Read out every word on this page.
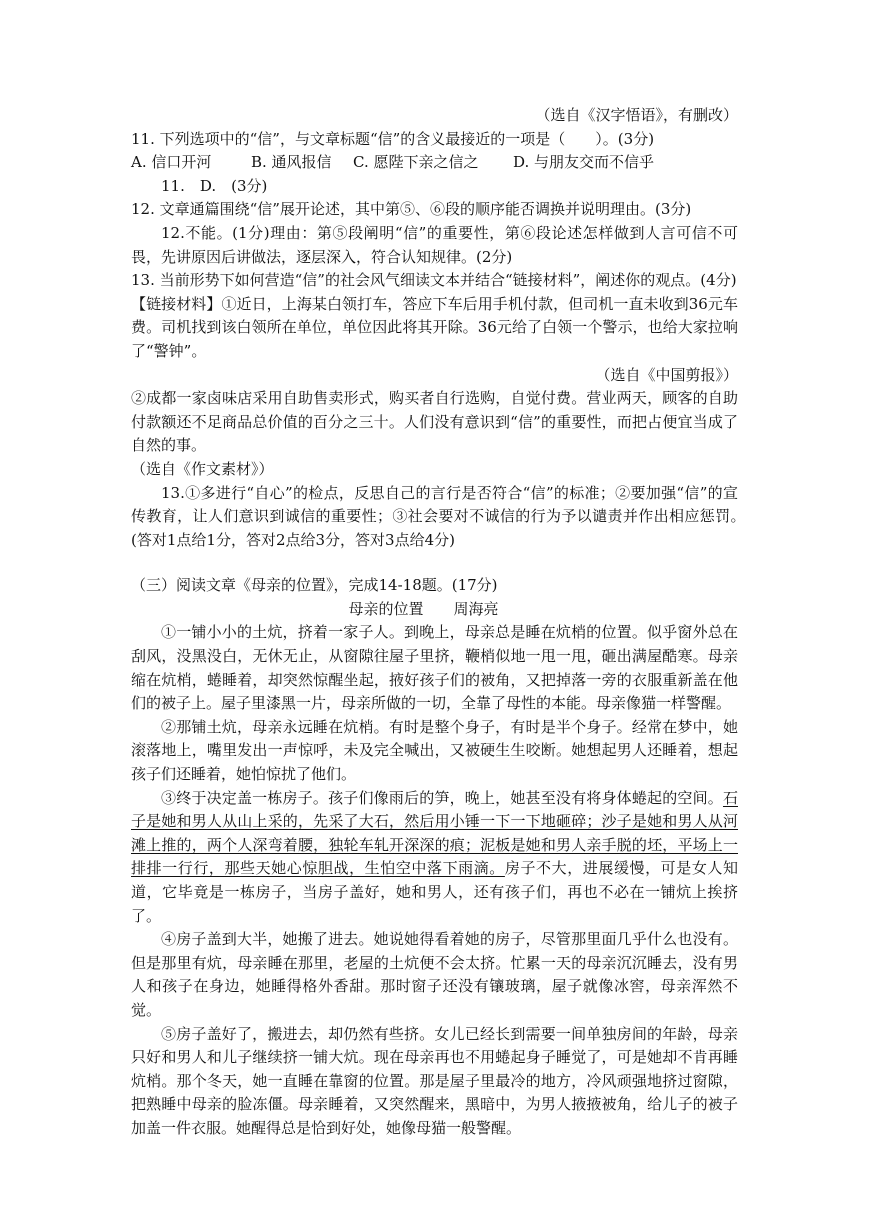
（选自《汉字悟语》，有删改）

11. 下列选项中的“信”，与文章标题“信”的含义最接近的一项是（　　）。(3分)

A. 信口开河	B. 通风报信	C. 愿陛下亲之信之	D. 与朋友交而不信乎

11.　D.　(3分)

12. 文章通篇围绕“信”展开论述，其中第⑤、⑥段的顺序能否调换并说明理由。(3分)

12.不能。(1分)理由：第⑤段阐明“信”的重要性，第⑥段论述怎样做到人言可信不可畏，先讲原因后讲做法，逐层深入，符合认知规律。(2分)

13. 当前形势下如何营造“信”的社会风气细读文本并结合“链接材料”，阐述你的观点。(4分)

【链接材料】①近日，上海某白领打车，答应下车后用手机付款，但司机一直未收到36元车费。司机找到该白领所在单位，单位因此将其开除。36元给了白领一个警示，也给大家拉响了“警钟”。

（选自《中国剪报》）

②成都一家卤味店采用自助售卖形式，购买者自行选购，自觉付费。营业两天，顾客的自助付款额还不足商品总价值的百分之三十。人们没有意识到“信”的重要性，而把占便宜当成了自然的事。

（选自《作文素材》）

13.①多进行“自心”的检点，反思自己的言行是否符合“信”的标准；②要加强“信”的宣传教育，让人们意识到诚信的重要性；③社会要对不诚信的行为予以谴责并作出相应惩罚。　(答对1点给1分，答对2点给3分，答对3点给4分)

（三）阅读文章《母亲的位置》，完成14-18题。(17分)

母亲的位置 周海亮

①一铺小小的土炕，挤着一家子人。到晚上，母亲总是睡在炕梢的位置。似乎窗外总在刮风，没黑没白，无休无止，从窗隙往屋子里挤，鞭梢似地一甩一甩，砸出满屋酷寒。母亲缩在炕梢，蜷睡着，却突然惊醒坐起，掖好孩子们的被角，又把掉落一旁的衣服重新盖在他们的被子上。屋子里漆黑一片，母亲所做的一切，全靠了母性的本能。母亲像猫一样警醒。

②那铺土炕，母亲永远睡在炕梢。有时是整个身子，有时是半个身子。经常在梦中，她滚落地上，嘴里发出一声惊呼，未及完全喊出，又被硬生生咬断。她想起男人还睡着，想起孩子们还睡着，她怕惊扰了他们。

③终于决定盖一栋房子。孩子们像雨后的笋，晚上，她甚至没有将身体蜷起的空间。石子是她和男人从山上采的，先采了大石，然后用小锤一下一下地砸碎；沙子是她和男人从河滩上推的，两个人深弯着腰，独轮车轧开深深的痕；泥板是她和男人亲手脱的坯，平场上一排排一行行，那些天她心惊胆战，生怕空中落下雨滴。房子不大，进展缓慢，可是女人知道，它毕竟是一栋房子，当房子盖好，她和男人，还有孩子们，再也不必在一铺炕上挨挤了。

④房子盖到大半，她搬了进去。她说她得看着她的房子，尽管那里面几乎什么也没有。但是那里有炕，母亲睡在那里，老屋的土炕便不会太挤。忙累一天的母亲沉沉睡去，没有男人和孩子在身边，她睡得格外香甜。那时窗子还没有镶玻璃，屋子就像冰窖，母亲浑然不觉。

⑤房子盖好了，搬进去，却仍然有些挤。女儿已经长到需要一间单独房间的年龄，母亲只好和男人和儿子继续挤一铺大炕。现在母亲再也不用蜷起身子睡觉了，可是她却不肯再睡炕梢。那个冬天，她一直睡在靠窗的位置。那是屋子里最冷的地方，冷风顽强地挤过窗隙，把熟睡中母亲的脸冻僵。母亲睡着，又突然醒来，黑暗中，为男人掖掖被角，给儿子的被子加盖一件衣服。她醒得总是恰到好处，她像母猫一般警醒。
